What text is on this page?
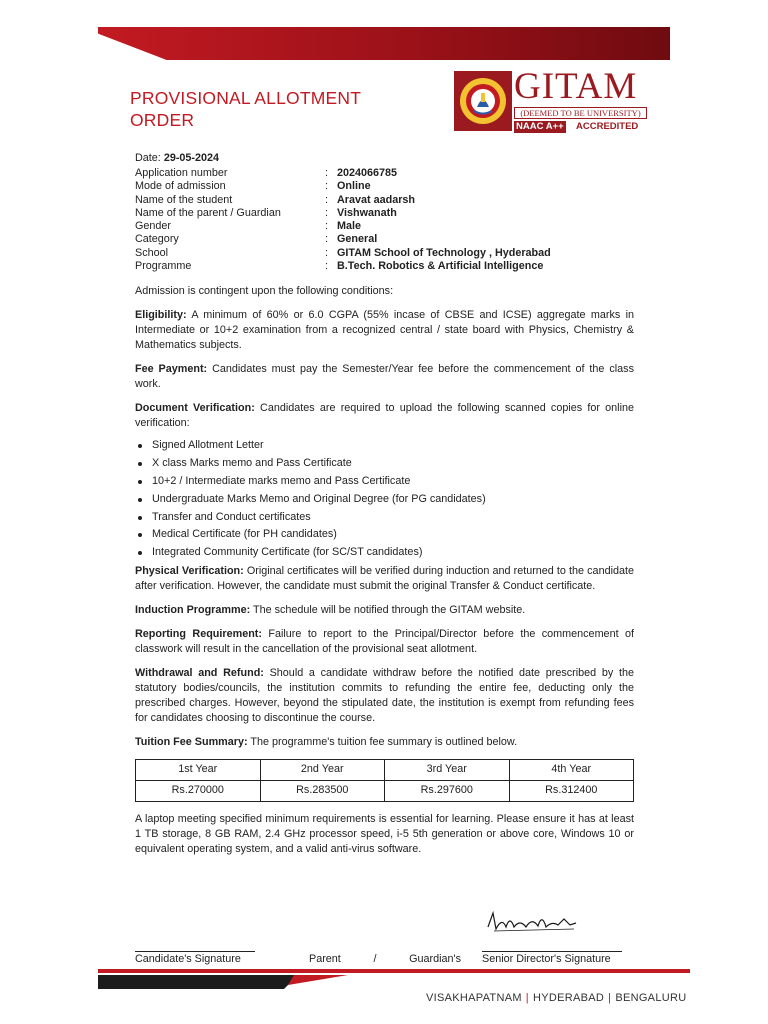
PROVISIONAL ALLOTMENT ORDER
GITAM
(DEEMED TO BE UNIVERSITY)
NAAC A++ ACCREDITED
Date: 29-05-2024
Application number	: 2024066785
Mode of admission	: Online
Name of the student	: Aravat aadarsh
Name of the parent / Guardian	: Vishwanath
Gender	: Male
Category	: General
School	: GITAM School of Technology , Hyderabad
Programme	: B.Tech. Robotics & Artificial Intelligence

Admission is contingent upon the following conditions:

Eligibility: A minimum of 60% or 6.0 CGPA (55% incase of CBSE and ICSE) aggregate marks in Intermediate or 10+2 examination from a recognized central / state board with Physics, Chemistry & Mathematics subjects.

Fee Payment: Candidates must pay the Semester/Year fee before the commencement of the class work.

Document Verification: Candidates are required to upload the following scanned copies for online verification:

Signed Allotment Letter
X class Marks memo and Pass Certificate
10+2 / Intermediate marks memo and Pass Certificate
Undergraduate Marks Memo and Original Degree (for PG candidates)
Transfer and Conduct certificates
Medical Certificate (for PH candidates)
Integrated Community Certificate (for SC/ST candidates)

Physical Verification: Original certificates will be verified during induction and returned to the candidate after verification. However, the candidate must submit the original Transfer & Conduct certificate.

Induction Programme: The schedule will be notified through the GITAM website.

Reporting Requirement: Failure to report to the Principal/Director before the commencement of classwork will result in the cancellation of the provisional seat allotment.

Withdrawal and Refund: Should a candidate withdraw before the notified date prescribed by the statutory bodies/councils, the institution commits to refunding the entire fee, deducting only the prescribed charges. However, beyond the stipulated date, the institution is exempt from refunding fees for candidates choosing to discontinue the course.

Tuition Fee Summary: The programme's tuition fee summary is outlined below.

1st Year	2nd Year	3rd Year	4th Year
Rs.270000	Rs.283500	Rs.297600	Rs.312400

A laptop meeting specified minimum requirements is essential for learning. Please ensure it has at least 1 TB storage, 8 GB RAM, 2.4 GHz processor speed, i-5 5th generation or above core, Windows 10 or equivalent operating system, and a valid anti-virus software.

Candidate's Signature	Parent	/	Guardian's Senior Director's Signature
VISAKHAPATNAM | HYDERABAD | BENGALURU
